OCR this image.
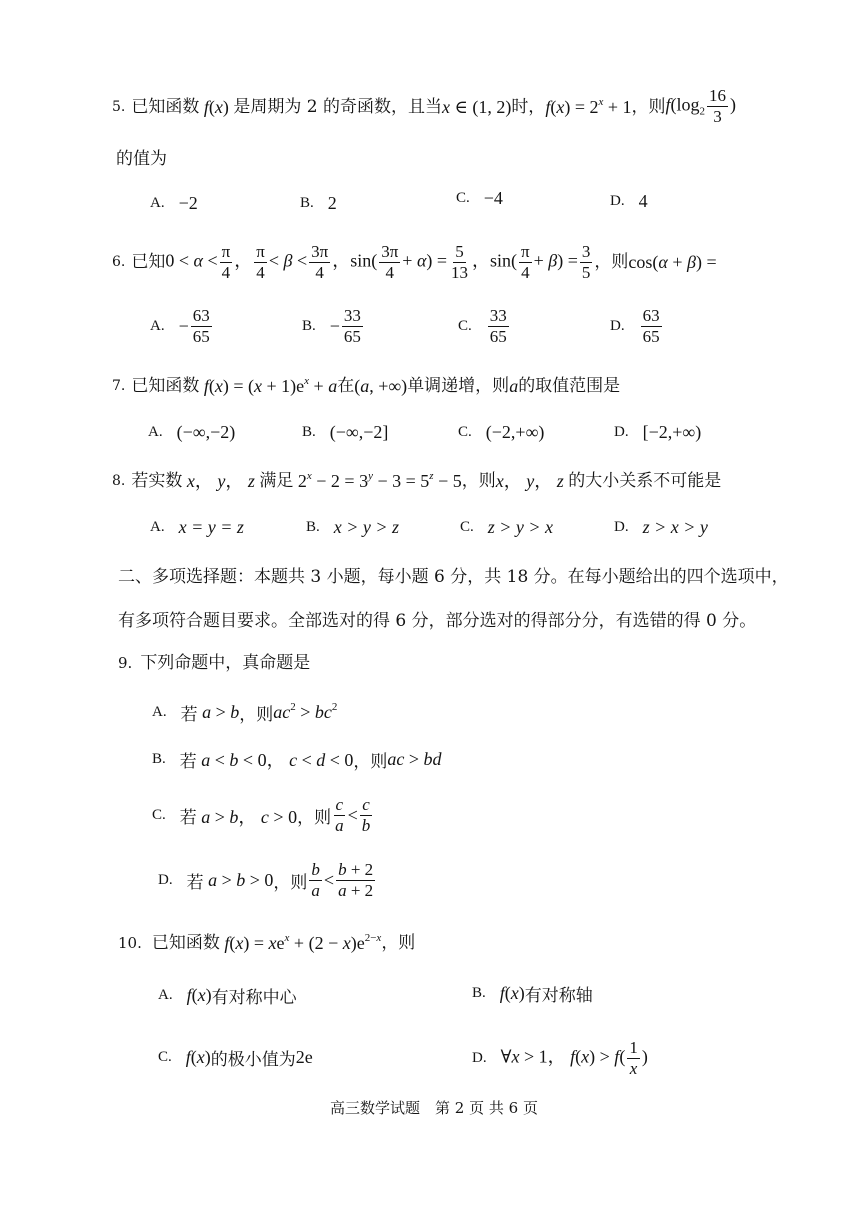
5. 已知函数 f(x) 是周期为 2 的奇函数，且当 x ∈ (1, 2) 时， $f(x) = 2^x + 1$ ，则 $f(\log_2 \frac{16}{3}$ )
的值为
A. −2	B. 2	C. −4	D. 4
6. 已知 $0 < \alpha < \frac{\pi}{4}$ ， $\frac{\pi}{4} < \beta < \frac{3\pi}{4}$ ， $\sin( \frac{3\pi}{4} + \alpha) = \frac{5}{13}$ ， $\sin( \frac{\pi}{4} + \beta) = \frac{3}{5}$ ，则 cos(α + β) =
A. − $\frac{63}{65}$	B. − $\frac{33}{65}$	C. $\frac{33}{65}$	D. $\frac{63}{65}$
7. 已知函数 $f(x) = (x + 1)e^x + a$ 在 (a, +∞) 单调递增，则 a 的取值范围是
A. (−∞,−2)	B. (−∞,−2]	C. (−2,+∞)	D. [−2,+∞)
8. 若实数 x， y， z 满足 $2^x - 2 = 3^y - 3 = 5^z - 5$ ，则 x， y， z 的大小关系不可能是
A. x = y = z	B. x > y > z	C. z > y > x	D. z > x > y
二、多项选择题：本题共 3 小题，每小题 6 分，共 18 分。在每小题给出的四个选项中，
有多项符合题目要求。全部选对的得 6 分，部分选对的得部分分，有选错的得 0 分。
9. 下列命题中，真命题是
A. 若 a > b ，则 $ac^2 > bc^2$
B. 若 a < b < 0， c < d < 0 ，则 ac > bd
C. 若 a > b， c > 0 ，则 $\frac{c}{a} < \frac{c}{b}$
D. 若 a > b > 0 ，则 $\frac{b}{a} < \frac{b + 2}{a + 2}$
10. 已知函数 $f(x) = xe^x + (2 - x)e^{2-x}$ ，则
A. f(x) 有对称中心	B. f(x) 有对称轴
C. f(x) 的极小值为 2e	D. ∀x > 1， $f(x) > f( \frac{1}{x}$ )
高三数学试题　第 2 页 共 6 页
